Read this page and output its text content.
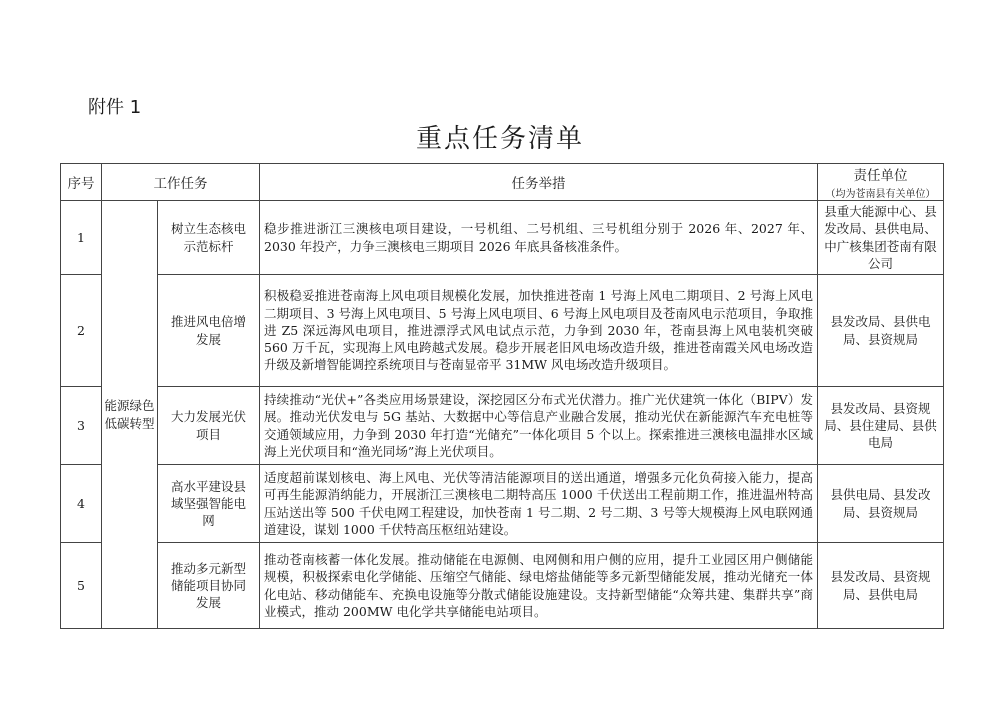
附件 1
重点任务清单
序号	工作任务		任务举措	责任单位
（均为苍南县有关单位）

1	能源绿色低碳转型	树立生态核电示范标杆	稳步推进浙江三澳核电项目建设，一号机组、二号机组、三号机组分别于 2026 年、2027 年、2030 年投产，力争三澳核电三期项目 2026 年底具备核准条件。	县重大能源中心、县发改局、县供电局、中广核集团苍南有限公司
2		推进风电倍增发展	积极稳妥推进苍南海上风电项目规模化发展，加快推进苍南 1 号海上风电二期项目、2 号海上风电二期项目、3 号海上风电项目、5 号海上风电项目、6 号海上风电项目及苍南风电示范项目，争取推进 Z5 深远海风电项目，推进漂浮式风电试点示范，力争到 2030 年，苍南县海上风电装机突破 560 万千瓦，实现海上风电跨越式发展。稳步开展老旧风电场改造升级，推进苍南霞关风电场改造升级及新增智能调控系统项目与苍南显帝平 31MW 风电场改造升级项目。	县发改局、县供电局、县资规局
3		大力发展光伏项目	持续推动“光伏+”各类应用场景建设，深挖园区分布式光伏潜力。推广光伏建筑一体化（BIPV）发展。推动光伏发电与 5G 基站、大数据中心等信息产业融合发展，推动光伏在新能源汽车充电桩等交通领域应用，力争到 2030 年打造“光储充”一体化项目 5 个以上。探索推进三澳核电温排水区域海上光伏项目和“渔光同场”海上光伏项目。	县发改局、县资规局、县住建局、县供电局
4		高水平建设县域坚强智能电网	适度超前谋划核电、海上风电、光伏等清洁能源项目的送出通道，增强多元化负荷接入能力，提高可再生能源消纳能力，开展浙江三澳核电二期特高压 1000 千伏送出工程前期工作，推进温州特高压站送出等 500 千伏电网工程建设，加快苍南 1 号二期、2 号二期、3 号等大规模海上风电联网通道建设，谋划 1000 千伏特高压枢纽站建设。	县供电局、县发改局、县资规局
5		推动多元新型储能项目协同发展	推动苍南核蓄一体化发展。推动储能在电源侧、电网侧和用户侧的应用，提升工业园区用户侧储能规模，积极探索电化学储能、压缩空气储能、绿电熔盐储能等多元新型储能发展，推动光储充一体化电站、移动储能车、充换电设施等分散式储能设施建设。支持新型储能“众筹共建、集群共享”商业模式，推动 200MW 电化学共享储能电站项目。	县发改局、县资规局、县供电局
